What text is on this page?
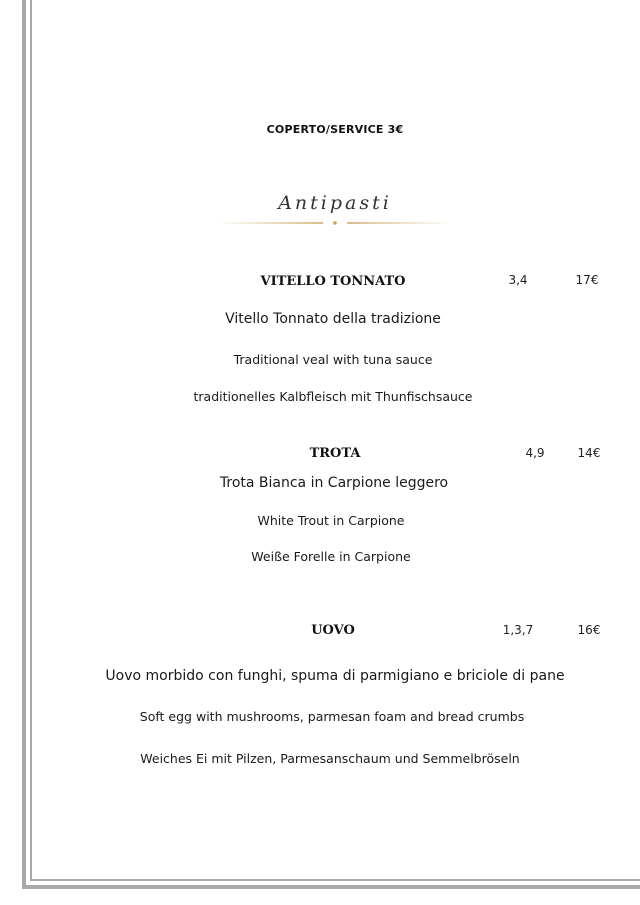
COPERTO/SERVICE 3€
Antipasti
VITELLO TONNATO	3,4	17€
Vitello Tonnato della tradizione
Traditional veal with tuna sauce
traditionelles Kalbfleisch mit Thunfischsauce
TROTA	4,9	14€
Trota Bianca in Carpione leggero
White Trout in Carpione
Weiße Forelle in Carpione
UOVO	1,3,7	16€
Uovo morbido con funghi, spuma di parmigiano e briciole di pane
Soft egg with mushrooms, parmesan foam and bread crumbs
Weiches Ei mit Pilzen, Parmesanschaum und Semmelbröseln
